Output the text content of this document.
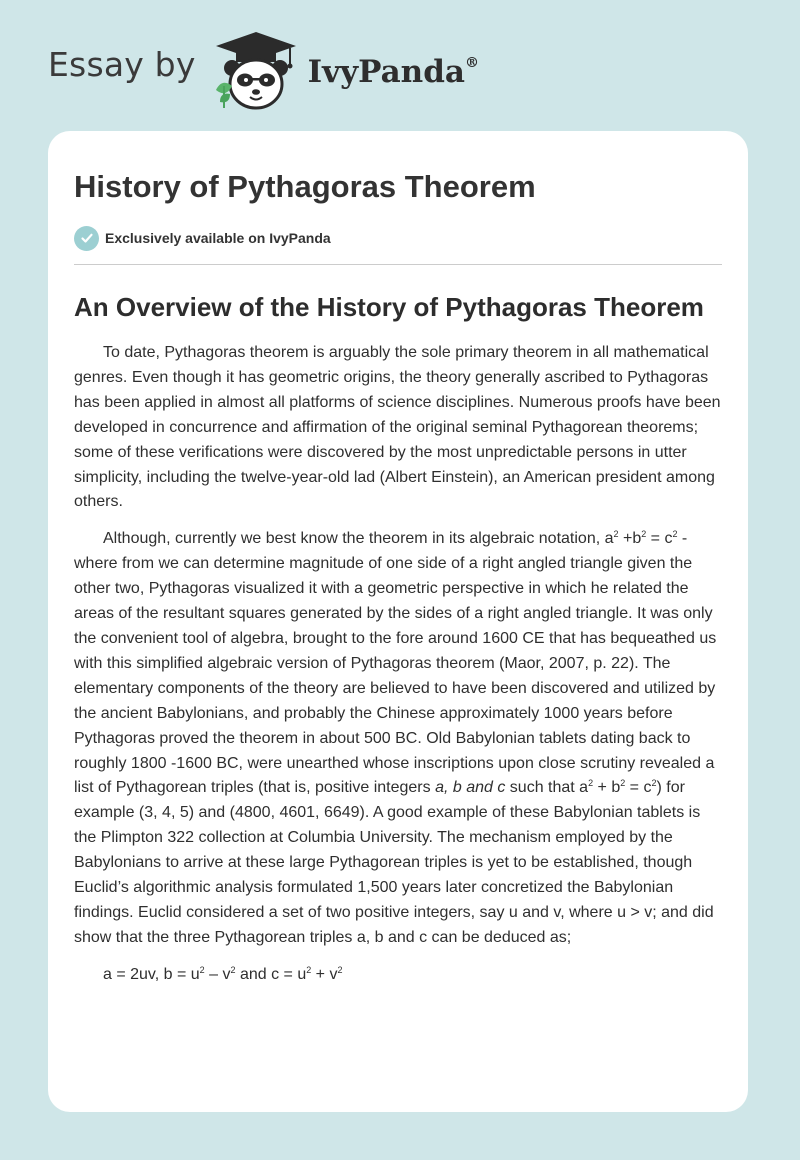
Essay by	IvyPanda®
History of Pythagoras Theorem
Exclusively available on IvyPanda
An Overview of the History of Pythagoras Theorem

To date, Pythagoras theorem is arguably the sole primary theorem in all mathematical genres. Even though it has geometric origins, the theory generally ascribed to Pythagoras has been applied in almost all platforms of science disciplines. Numerous proofs have been developed in concurrence and affirmation of the original seminal Pythagorean theorems; some of these verifications were discovered by the most unpredictable persons in utter simplicity, including the twelve-year-old lad (Albert Einstein), an American president among others.

Although, currently we best know the theorem in its algebraic notation, $a^2 +b^2 = c^2$ - where from we can determine magnitude of one side of a right angled triangle given the other two, Pythagoras visualized it with a geometric perspective in which he related the areas of the resultant squares generated by the sides of a right angled triangle. It was only the convenient tool of algebra, brought to the fore around 1600 CE that has bequeathed us with this simplified algebraic version of Pythagoras theorem (Maor, 2007, p. 22). The elementary components of the theory are believed to have been discovered and utilized by the ancient Babylonians, and probably the Chinese approximately 1000 years before Pythagoras proved the theorem in about 500 BC. Old Babylonian tablets dating back to roughly 1800 -1600 BC, were unearthed whose inscriptions upon close scrutiny revealed a list of Pythagorean triples (that is, positive integers a, b and c such that $a^2 + b^2 = c^2$) for example (3, 4, 5) and (4800, 4601, 6649). A good example of these Babylonian tablets is the Plimpton 322 collection at Columbia University. The mechanism employed by the Babylonians to arrive at these large Pythagorean triples is yet to be established, though Euclid’s algorithmic analysis formulated 1,500 years later concretized the Babylonian findings. Euclid considered a set of two positive integers, say u and v, where u > v; and did show that the three Pythagorean triples a, b and c can be deduced as;

a = 2uv, $b = u^2 - v^2$ and $c = u^2 + v^2$
